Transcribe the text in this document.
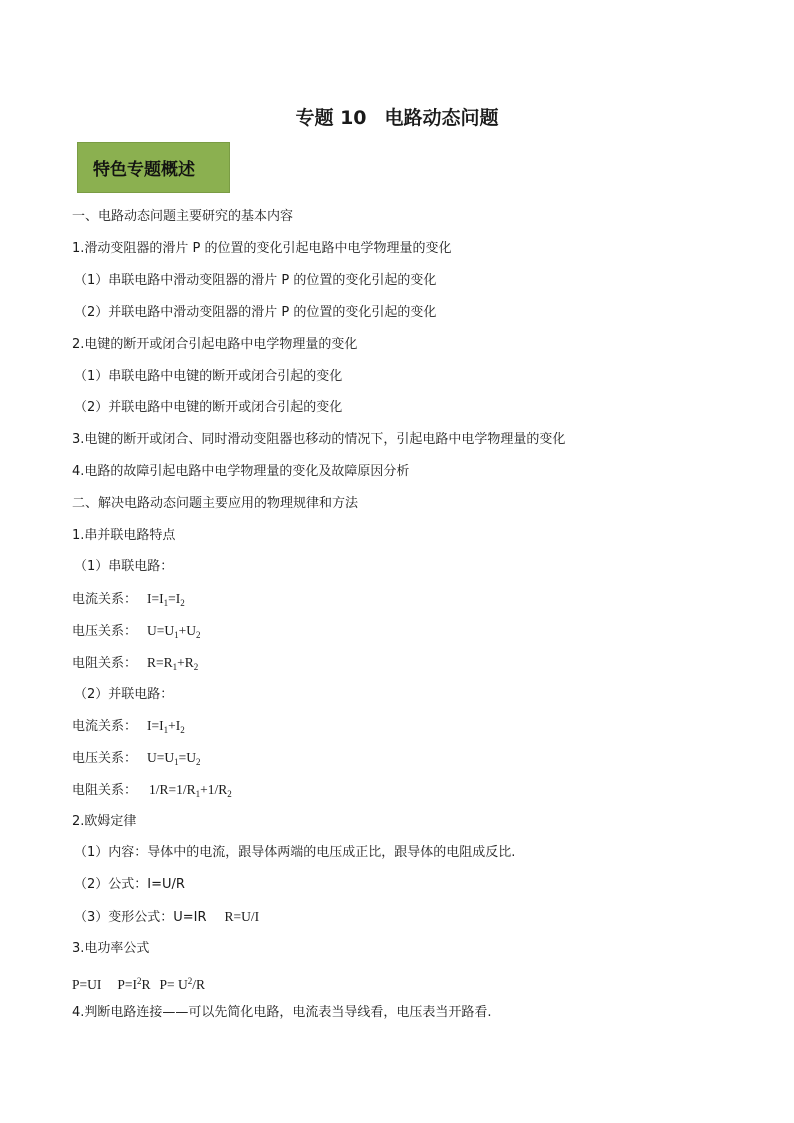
专题 10 电路动态问题
特色专题概述
一、电路动态问题主要研究的基本内容
1.滑动变阻器的滑片 P 的位置的变化引起电路中电学物理量的变化
（1）串联电路中滑动变阻器的滑片 P 的位置的变化引起的变化
（2）并联电路中滑动变阻器的滑片 P 的位置的变化引起的变化
2.电键的断开或闭合引起电路中电学物理量的变化
（1）串联电路中电键的断开或闭合引起的变化
（2）并联电路中电键的断开或闭合引起的变化
3.电键的断开或闭合、同时滑动变阻器也移动的情况下，引起电路中电学物理量的变化
4.电路的故障引起电路中电学物理量的变化及故障原因分析
二、解决电路动态问题主要应用的物理规律和方法
1.串并联电路特点
（1）串联电路：
电流关系： $I=I_1=I_2$
电压关系： $U=U_1+U_2$
电阻关系： $R=R_1+R_2$
（2）并联电路：
电流关系： $I=I_1+I_2$
电压关系： $U=U_1=U_2$
电阻关系： $1/R=1/R_1+1/R_2$
2.欧姆定律
（1）内容：导体中的电流，跟导体两端的电压成正比，跟导体的电阻成反比.
（2）公式：I=U/R
（3）变形公式：U=IR R=U/I
3.电功率公式
P=UI $P=I^2R$ $P= U^2/R$
4.判断电路连接——可以先简化电路，电流表当导线看，电压表当开路看.
